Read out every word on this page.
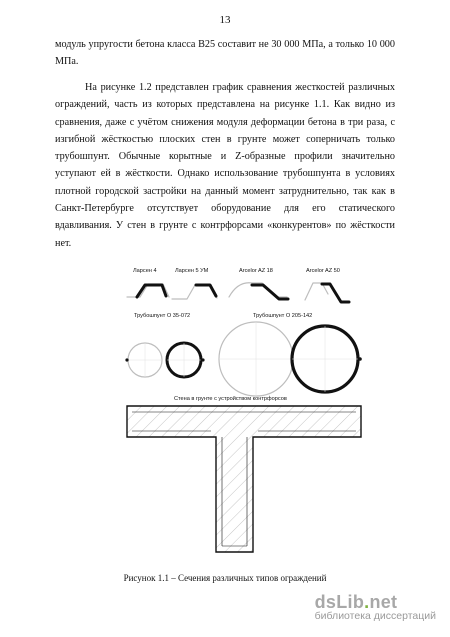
13

модуль упругости бетона класса B25 составит не 30 000 МПа, а только 10 000 МПа.

На рисунке 1.2 представлен график сравнения жесткостей различных ограждений, часть из которых представлена на рисунке 1.1. Как видно из сравнения, даже с учётом снижения модуля деформации бетона в три раза, с изгибной жёсткостью плоских стен в грунте может соперничать только трубошпунт. Обычные корытные и Z-образные профили значительно уступают ей в жёсткости. Однако использование трубошпунта в условиях плотной городской застройки на данный момент затруднительно, так как в Санкт-Петербурге отсутствует оборудование для его статического вдавливания. У стен в грунте с контрфорсами «конкурентов» по жёсткости нет.

Ларсен 4	Ларсен 5 УМ	Arcelor AZ 18	Arcelor AZ 50
Трубошпунт О 35-072	Трубошпунт О 205-142
Стена в грунте с устройством контрфорсов
Рисунок 1.1 – Сечения различных типов ограждений
dsLib.net
библиотека диссертаций
